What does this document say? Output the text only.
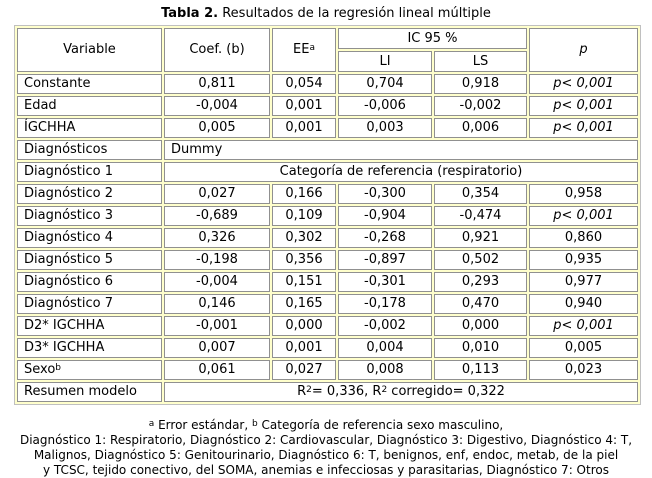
Tabla 2. Resultados de la regresión lineal múltiple
Variable	Coef. (b)	$EE^a$	IC 95 %		p
			LI	LS	
Constante	0,811	0,054	0,704	0,918	p< 0,001
Edad	-0,004	0,001	-0,006	-0,002	p< 0,001
ÍGCHHA	0,005	0,001	0,003	0,006	p< 0,001
Diagnósticos	Dummy				
Diagnóstico 1	Categoría de referencia (respiratorio)				
Diagnóstico 2	0,027	0,166	-0,300	0,354	0,958
Diagnóstico 3	-0,689	0,109	-0,904	-0,474	p< 0,001
Diagnóstico 4	0,326	0,302	-0,268	0,921	0,860
Diagnóstico 5	-0,198	0,356	-0,897	0,502	0,935
Diagnóstico 6	-0,004	0,151	-0,301	0,293	0,977
Diagnóstico 7	0,146	0,165	-0,178	0,470	0,940
D2* IGCHHA	-0,001	0,000	-0,002	0,000	p< 0,001
D3* IGCHHA	0,007	0,001	0,004	0,010	0,005
Sexo$^b$	0,061	0,027	0,008	0,113	0,023
Resumen modelo	$R^2= 0,336$, $R^2$ corregido= 0,322				
$^a$ Error estándar, $^b$ Categoría de referencia sexo masculino,
Diagnóstico 1: Respiratorio, Diagnóstico 2: Cardiovascular, Diagnóstico 3: Digestivo, Diagnóstico 4: T,
Malignos, Diagnóstico 5: Genitourinario, Diagnóstico 6: T, benignos, enf, endoc, metab, de la piel
y TCSC, tejido conectivo, del SOMA, anemias e infecciosas y parasitarias, Diagnóstico 7: Otros
